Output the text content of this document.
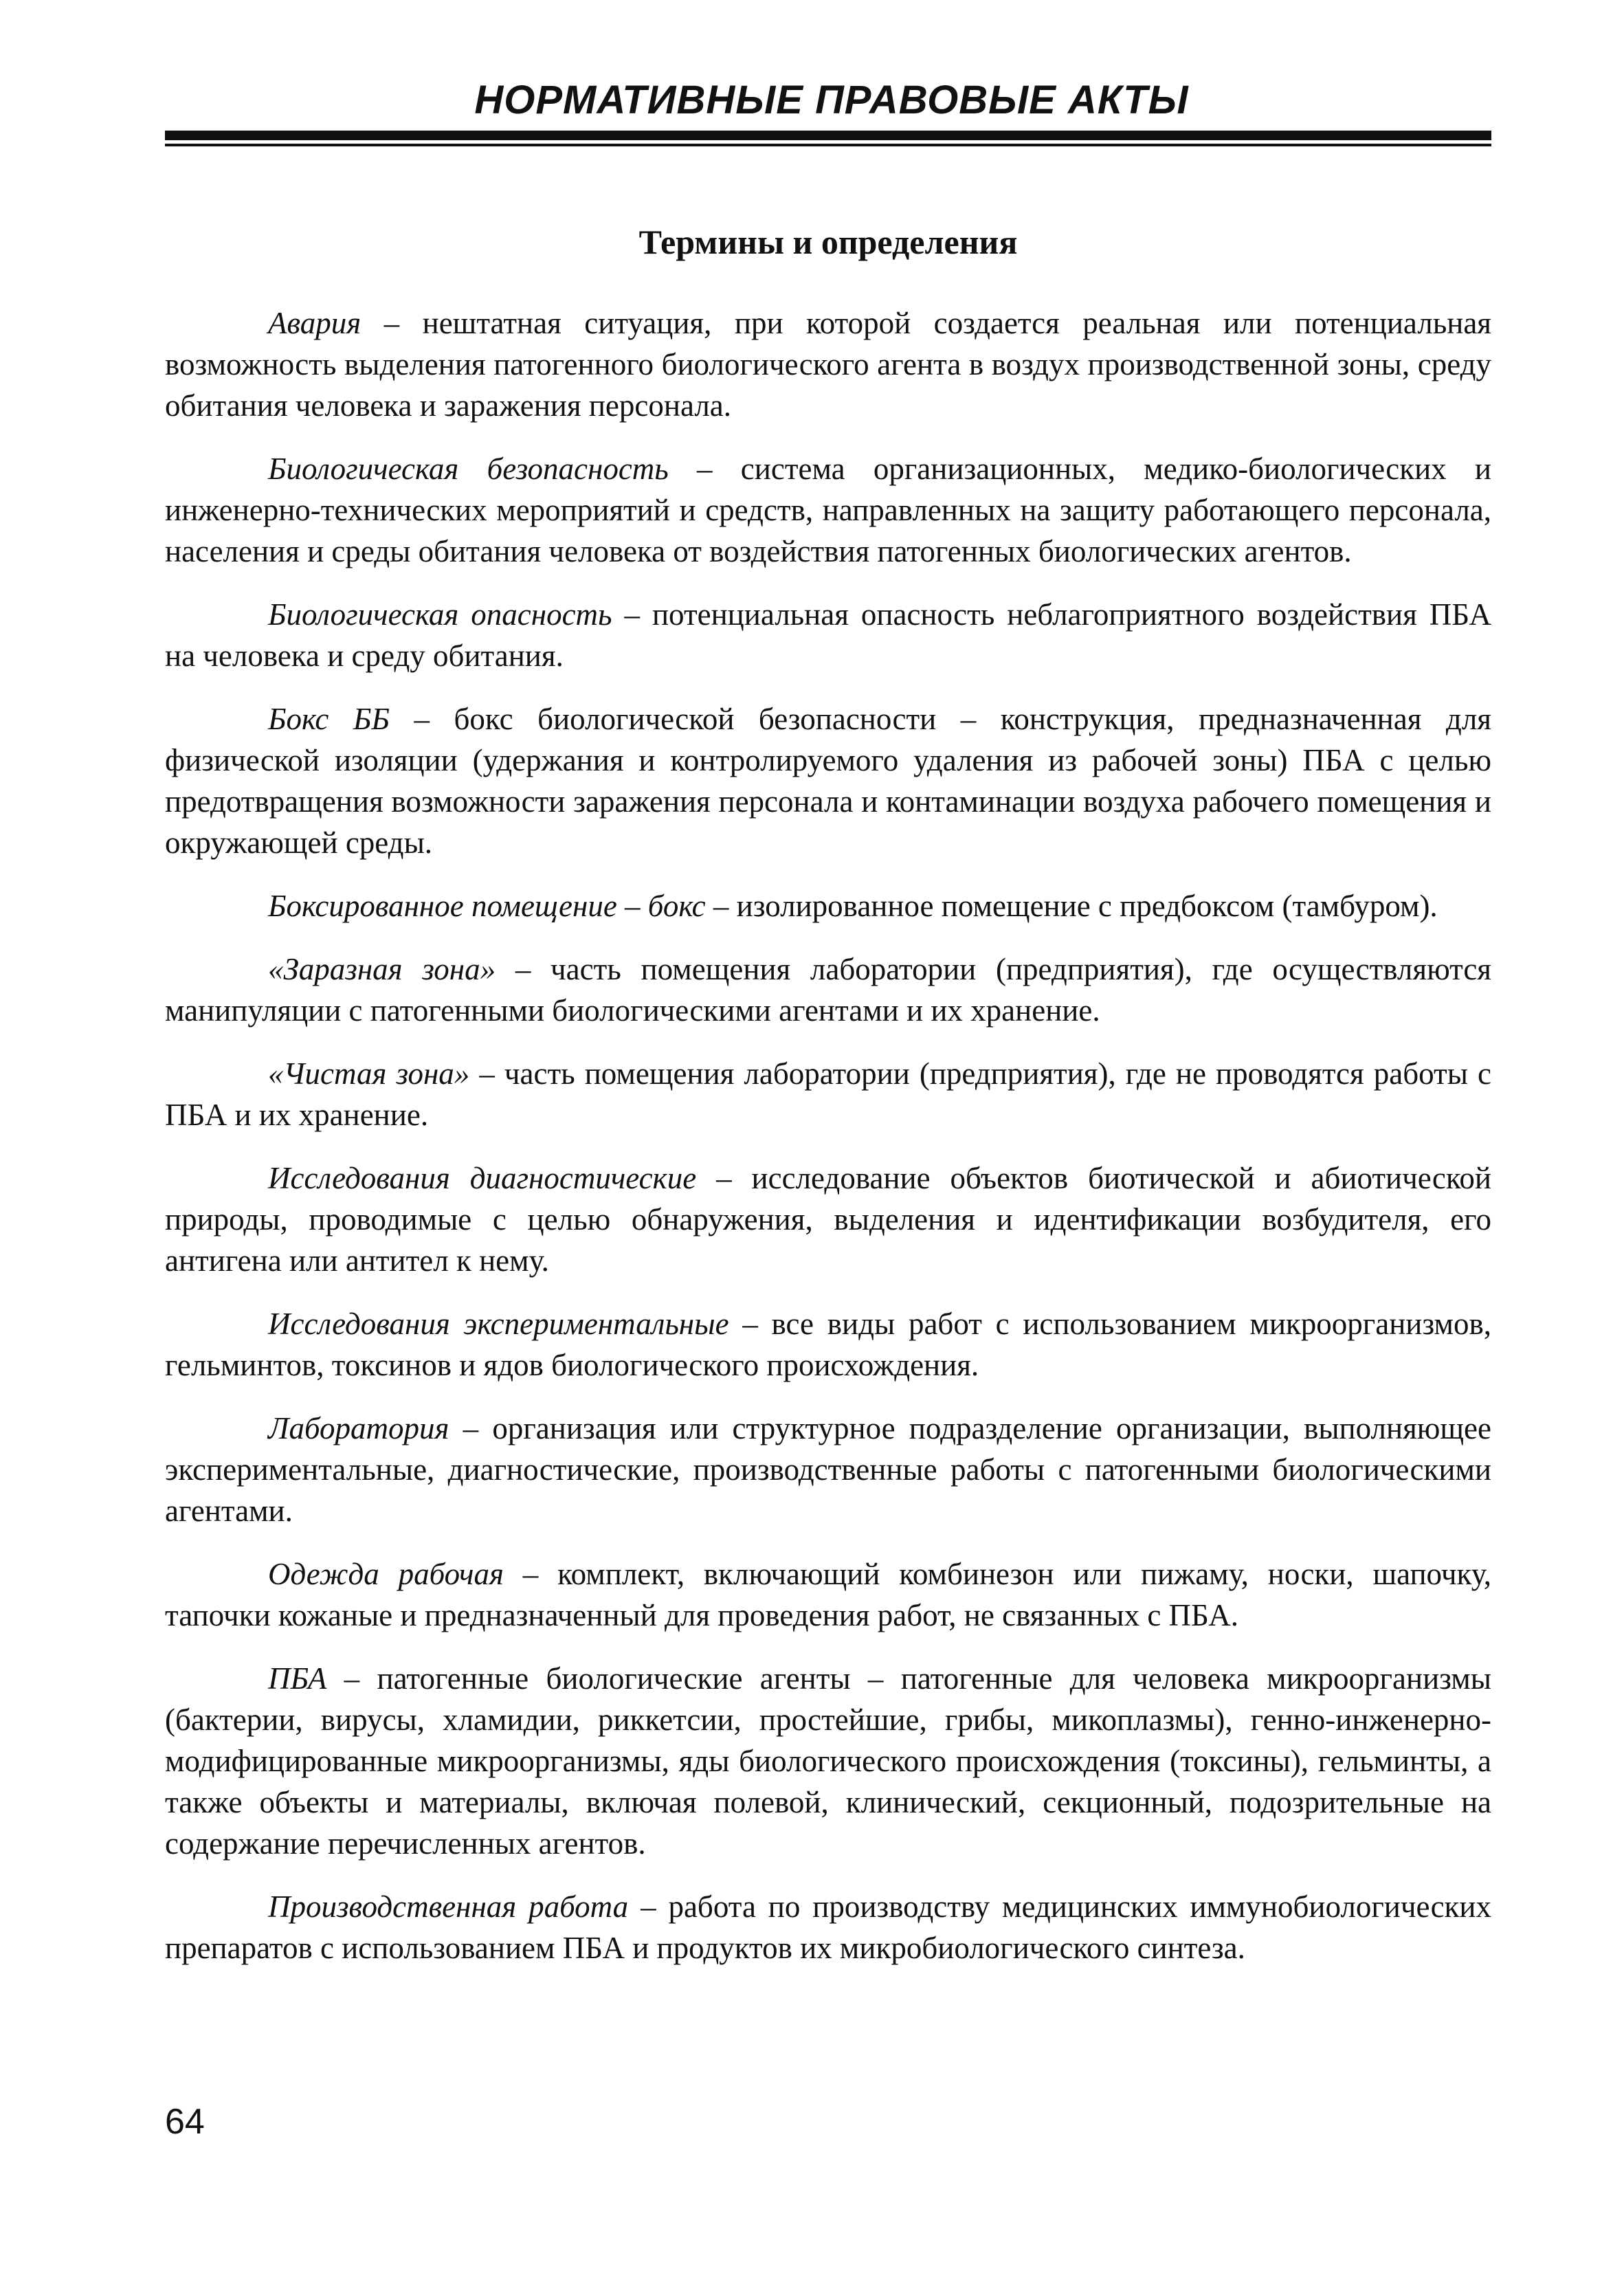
НОРМАТИВНЫЕ ПРАВОВЫЕ АКТЫ
Термины и определения

Авария – нештатная ситуация, при которой создается реальная или потенциальная возможность выделения патогенного биологического агента в воздух производственной зоны, среду обитания человека и заражения персонала.

Биологическая безопасность – система организационных, медико-биологических и инженерно-технических мероприятий и средств, направленных на защиту работающего персонала, населения и среды обитания человека от воздействия патогенных биологических агентов.

Биологическая опасность – потенциальная опасность неблагоприятного воздействия ПБА на человека и среду обитания.

Бокс ББ – бокс биологической безопасности – конструкция, предназначенная для физической изоляции (удержания и контролируемого удаления из рабочей зоны) ПБА с целью предотвращения возможности заражения персонала и контаминации воздуха рабочего помещения и окружающей среды.

Боксированное помещение – бокс – изолированное помещение с предбоксом (тамбуром).

«Заразная зона» – часть помещения лаборатории (предприятия), где осуществляются манипуляции с патогенными биологическими агентами и их хранение.

«Чистая зона» – часть помещения лаборатории (предприятия), где не проводятся работы с ПБА и их хранение.

Исследования диагностические – исследование объектов биотической и абиотической природы, проводимые с целью обнаружения, выделения и идентификации возбудителя, его антигена или антител к нему.

Исследования экспериментальные – все виды работ с использованием микроорганизмов, гельминтов, токсинов и ядов биологического происхождения.

Лаборатория – организация или структурное подразделение организации, выполняющее экспериментальные, диагностические, производственные работы с патогенными биологическими агентами.

Одежда рабочая – комплект, включающий комбинезон или пижаму, носки, шапочку, тапочки кожаные и предназначенный для проведения работ, не связанных с ПБА.

ПБА – патогенные биологические агенты – патогенные для человека микроорганизмы (бактерии, вирусы, хламидии, риккетсии, простейшие, грибы, микоплазмы), генно-инженерно-модифицированные микроорганизмы, яды биологического происхождения (токсины), гельминты, а также объекты и материалы, включая полевой, клинический, секционный, подозрительные на содержание перечисленных агентов.

Производственная работа – работа по производству медицинских иммунобиологических препаратов с использованием ПБА и продуктов их микробиологического синтеза.

64
